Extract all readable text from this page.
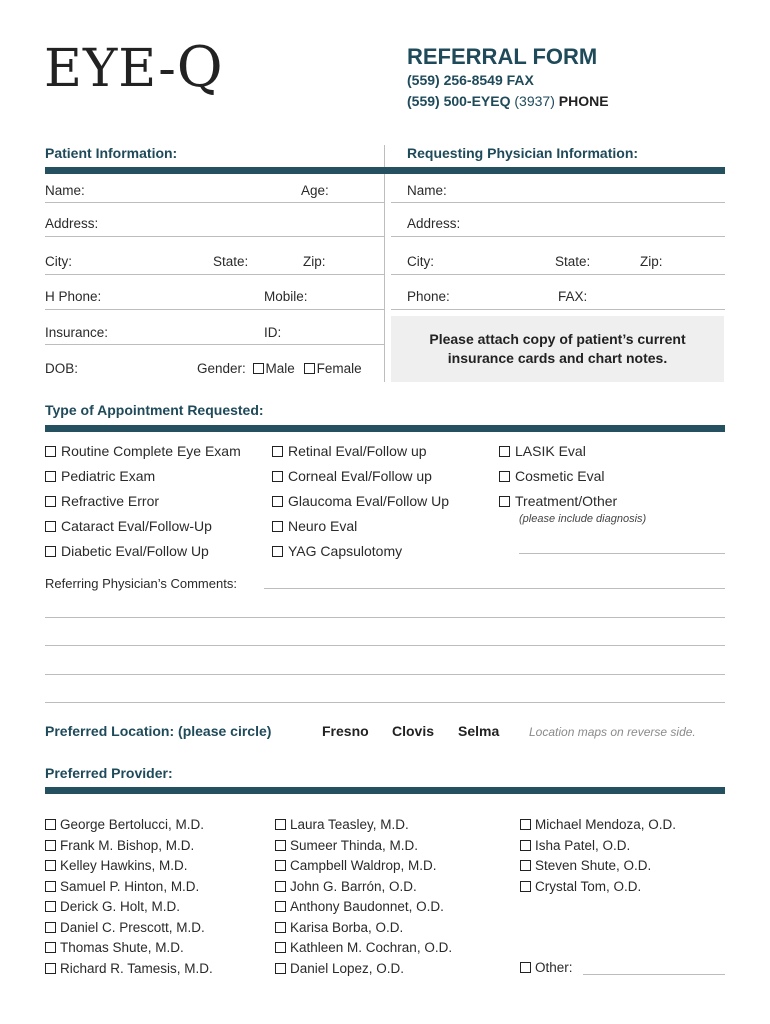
EYE-Q	REFERRAL FORM
(559) 256-8549 FAX
(559) 500-EYEQ (3937) PHONE
Patient Information:	Requesting Physician Information:
Name:	Age:
Address:
City:	State:	Zip:
H Phone:	Mobile:
Insurance:	ID:
DOB:	Gender: Male Female
Name:
Address:
City:	State:	Zip:
Phone:	FAX:
Please attach copy of patient’s current
insurance cards and chart notes.
Type of Appointment Requested:
Routine Complete Eye Exam
Pediatric Exam
Refractive Error
Cataract Eval/Follow-Up
Diabetic Eval/Follow Up
Retinal Eval/Follow up
Corneal Eval/Follow up
Glaucoma Eval/Follow Up
Neuro Eval
YAG Capsulotomy
LASIK Eval
Cosmetic Eval
Treatment/Other
(please include diagnosis)
Referring Physician’s Comments:
Preferred Location: (please circle)	Fresno Clovis Selma Location maps on reverse side.
Preferred Provider:
George Bertolucci, M.D.
Frank M. Bishop, M.D.
Kelley Hawkins, M.D.
Samuel P. Hinton, M.D.
Derick G. Holt, M.D.
Daniel C. Prescott, M.D.
Thomas Shute, M.D.
Richard R. Tamesis, M.D.
Laura Teasley, M.D.
Sumeer Thinda, M.D.
Campbell Waldrop, M.D.
John G. Barrón, O.D.
Anthony Baudonnet, O.D.
Karisa Borba, O.D.
Kathleen M. Cochran, O.D.
Daniel Lopez, O.D.
Michael Mendoza, O.D.
Isha Patel, O.D.
Steven Shute, O.D.
Crystal Tom, O.D.
Other:
